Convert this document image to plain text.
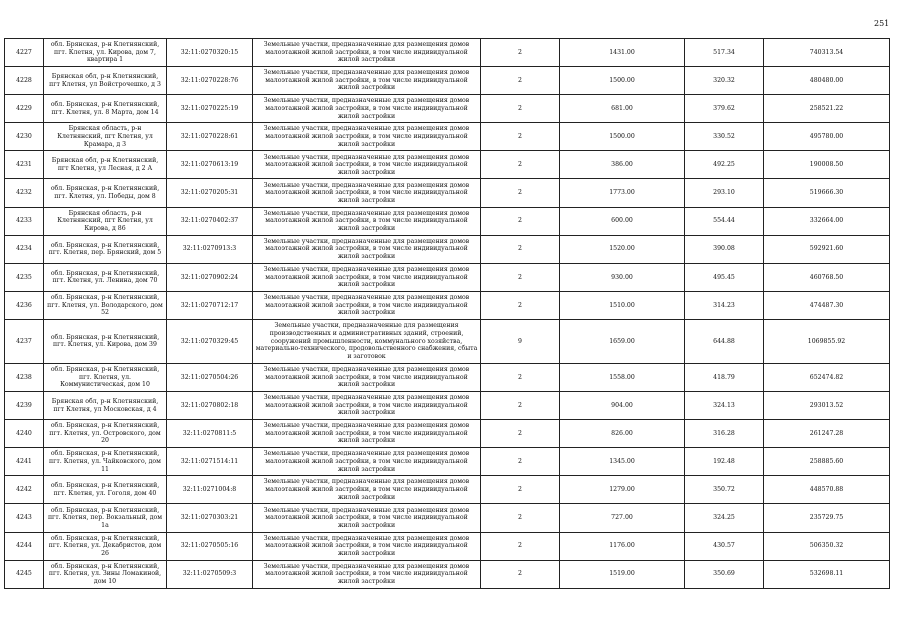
251
4227	обл. Брянская, р-н Клетнянский, пгт. Клетня, ул. Кирова, дом 7, квартира 1	32:11:0270320:15	Земельные участки, предназначенные для размещения домов малоэтажной жилой застройки, в том числе индивидуальной жилой застройки	2	1431.00	517.34	740313.54
4228	Брянская обл, р-н Клетнянский, пгт Клетня, ул Войстрочешко, д 3	32:11:0270228:76	Земельные участки, предназначенные для размещения домов малоэтажной жилой застройки, в том числе индивидуальной жилой застройки	2	1500.00	320.32	480480.00
4229	обл. Брянская, р-н Клетнянский, пгт. Клетня, ул. 8 Марта, дом 14	32:11:0270225:19	Земельные участки, предназначенные для размещения домов малоэтажной жилой застройки, в том числе индивидуальной жилой застройки	2	681.00	379.62	258521.22
4230	Брянская область, р-н Клетнянский, пгт Клетня, ул Крамара, д 3	32:11:0270228:61	Земельные участки, предназначенные для размещения домов малоэтажной жилой застройки, в том числе индивидуальной жилой застройки	2	1500.00	330.52	495780.00
4231	Брянская обл, р-н Клетнянский, пгт Клетня, ул Лесная, д 2 А	32:11:0270613:19	Земельные участки, предназначенные для размещения домов малоэтажной жилой застройки, в том числе индивидуальной жилой застройки	2	386.00	492.25	190008.50
4232	обл. Брянская, р-н Клетнянский, пгт. Клетня, ул. Победы, дом 8	32:11:0270205:31	Земельные участки, предназначенные для размещения домов малоэтажной жилой застройки, в том числе индивидуальной жилой застройки	2	1773.00	293.10	519666.30
4233	Брянская область, р-н Клетнянский, пгт Клетня, ул Кирова, д 86	32:11:0270402:37	Земельные участки, предназначенные для размещения домов малоэтажной жилой застройки, в том числе индивидуальной жилой застройки	2	600.00	554.44	332664.00
4234	обл. Брянская, р-н Клетнянский, пгт. Клетня, пер. Брянский, дом 5	32:11:0270913:3	Земельные участки, предназначенные для размещения домов малоэтажной жилой застройки, в том числе индивидуальной жилой застройки	2	1520.00	390.08	592921.60
4235	обл. Брянская, р-н Клетнянский, пгт. Клетня, ул. Ленина, дом 70	32:11:0270902:24	Земельные участки, предназначенные для размещения домов малоэтажной жилой застройки, в том числе индивидуальной жилой застройки	2	930.00	495.45	460768.50
4236	обл. Брянская, р-н Клетнянский, пгт. Клетня, ул. Володарского, дом 52	32:11:0270712:17	Земельные участки, предназначенные для размещения домов малоэтажной жилой застройки, в том числе индивидуальной жилой застройки	2	1510.00	314.23	474487.30
4237	обл. Брянская, р-н Клетнянский, пгт. Клетня, ул. Кирова, дом 39	32:11:0270329:45	Земельные участки, предназначенные для размещения производственных и административных зданий, строений, сооружений промышленности, коммунального хозяйства, материально-технического, продовольственного снабжения, сбыта и заготовок	9	1659.00	644.88	1069855.92
4238	обл. Брянская, р-н Клетнянский, пгт. Клетня, ул. Коммунистическая, дом 10	32:11:0270504:26	Земельные участки, предназначенные для размещения домов малоэтажной жилой застройки, в том числе индивидуальной жилой застройки	2	1558.00	418.79	652474.82
4239	Брянская обл, р-н Клетнянский, пгт Клетня, ул Московская, д 4	32:11:0270802:18	Земельные участки, предназначенные для размещения домов малоэтажной жилой застройки, в том числе индивидуальной жилой застройки	2	904.00	324.13	293013.52
4240	обл. Брянская, р-н Клетнянский, пгт. Клетня, ул. Островского, дом 20	32:11:0270811:5	Земельные участки, предназначенные для размещения домов малоэтажной жилой застройки, в том числе индивидуальной жилой застройки	2	826.00	316.28	261247.28
4241	обл. Брянская, р-н Клетнянский, пгт. Клетня, ул. Чайковского, дом 11	32:11:0271514:11	Земельные участки, предназначенные для размещения домов малоэтажной жилой застройки, в том числе индивидуальной жилой застройки	2	1345.00	192.48	258885.60
4242	обл. Брянская, р-н Клетнянский, пгт. Клетня, ул. Гоголя, дом 40	32:11:0271004:8	Земельные участки, предназначенные для размещения домов малоэтажной жилой застройки, в том числе индивидуальной жилой застройки	2	1279.00	350.72	448570.88
4243	обл. Брянская, р-н Клетнянский, пгт. Клетня, пер. Вокзальный, дом 1а	32:11:0270303:21	Земельные участки, предназначенные для размещения домов малоэтажной жилой застройки, в том числе индивидуальной жилой застройки	2	727.00	324.25	235729.75
4244	обл. Брянская, р-н Клетнянский, пгт. Клетня, ул. Декабристов, дом 26	32:11:0270505:16	Земельные участки, предназначенные для размещения домов малоэтажной жилой застройки, в том числе индивидуальной жилой застройки	2	1176.00	430.57	506350.32
4245	обл. Брянская, р-н Клетнянский, пгт. Клетня, ул. Зины Ломакиной, дом 10	32:11:0270509:3	Земельные участки, предназначенные для размещения домов малоэтажной жилой застройки, в том числе индивидуальной жилой застройки	2	1519.00	350.69	532698.11
